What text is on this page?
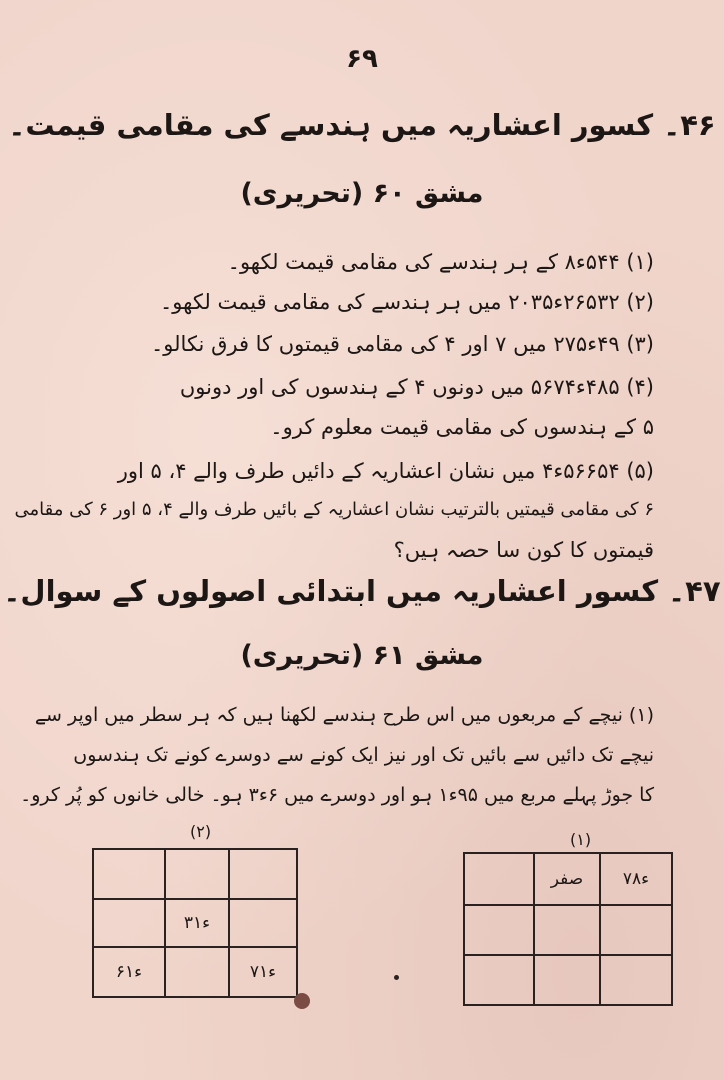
۶۹
۴۶۔ کسور اعشاریہ میں ہندسے کی مقامی قیمت۔
مشق ۶۰ (تحریری)
(۱) ۵۴۴ء۸ کے ہر ہندسے کی مقامی قیمت لکھو۔
(۲) ۲۶۵۳۲ء۲۰۳۵ میں ہر ہندسے کی مقامی قیمت لکھو۔
(۳) ۴۹ء۲۷۵ میں ۷ اور ۴ کی مقامی قیمتوں کا فرق نکالو۔
(۴) ۴۸۵ء۵۶۷۴ میں دونوں ۴ کے ہندسوں کی اور دونوں
۵ کے ہندسوں کی مقامی قیمت معلوم کرو۔
(۵) ۵۶۶۵۴ء۴ میں نشان اعشاریہ کے دائیں طرف والے ۴، ۵ اور
۶ کی مقامی قیمتیں بالترتیب نشان اعشاریہ کے بائیں طرف والے ۴، ۵ اور ۶ کی مقامی
قیمتوں کا کون سا حصہ ہیں؟
۴۷۔ کسور اعشاریہ میں ابتدائی اصولوں کے سوال۔
مشق ۶۱ (تحریری)
(۱) نیچے کے مربعوں میں اس طرح ہندسے لکھنا ہیں کہ ہر سطر میں اوپر سے
نیچے تک دائیں سے بائیں تک اور نیز ایک کونے سے دوسرے کونے تک ہندسوں
کا جوڑ پہلے مربع میں ۹۵ء۱ ہو اور دوسرے میں ۶ء۳ ہو۔ خالی خانوں کو پُر کرو۔
(۲)

	۳ء۱	
۶ء۱		۷ء۱
(۱)
	صفر	۷۸ء
